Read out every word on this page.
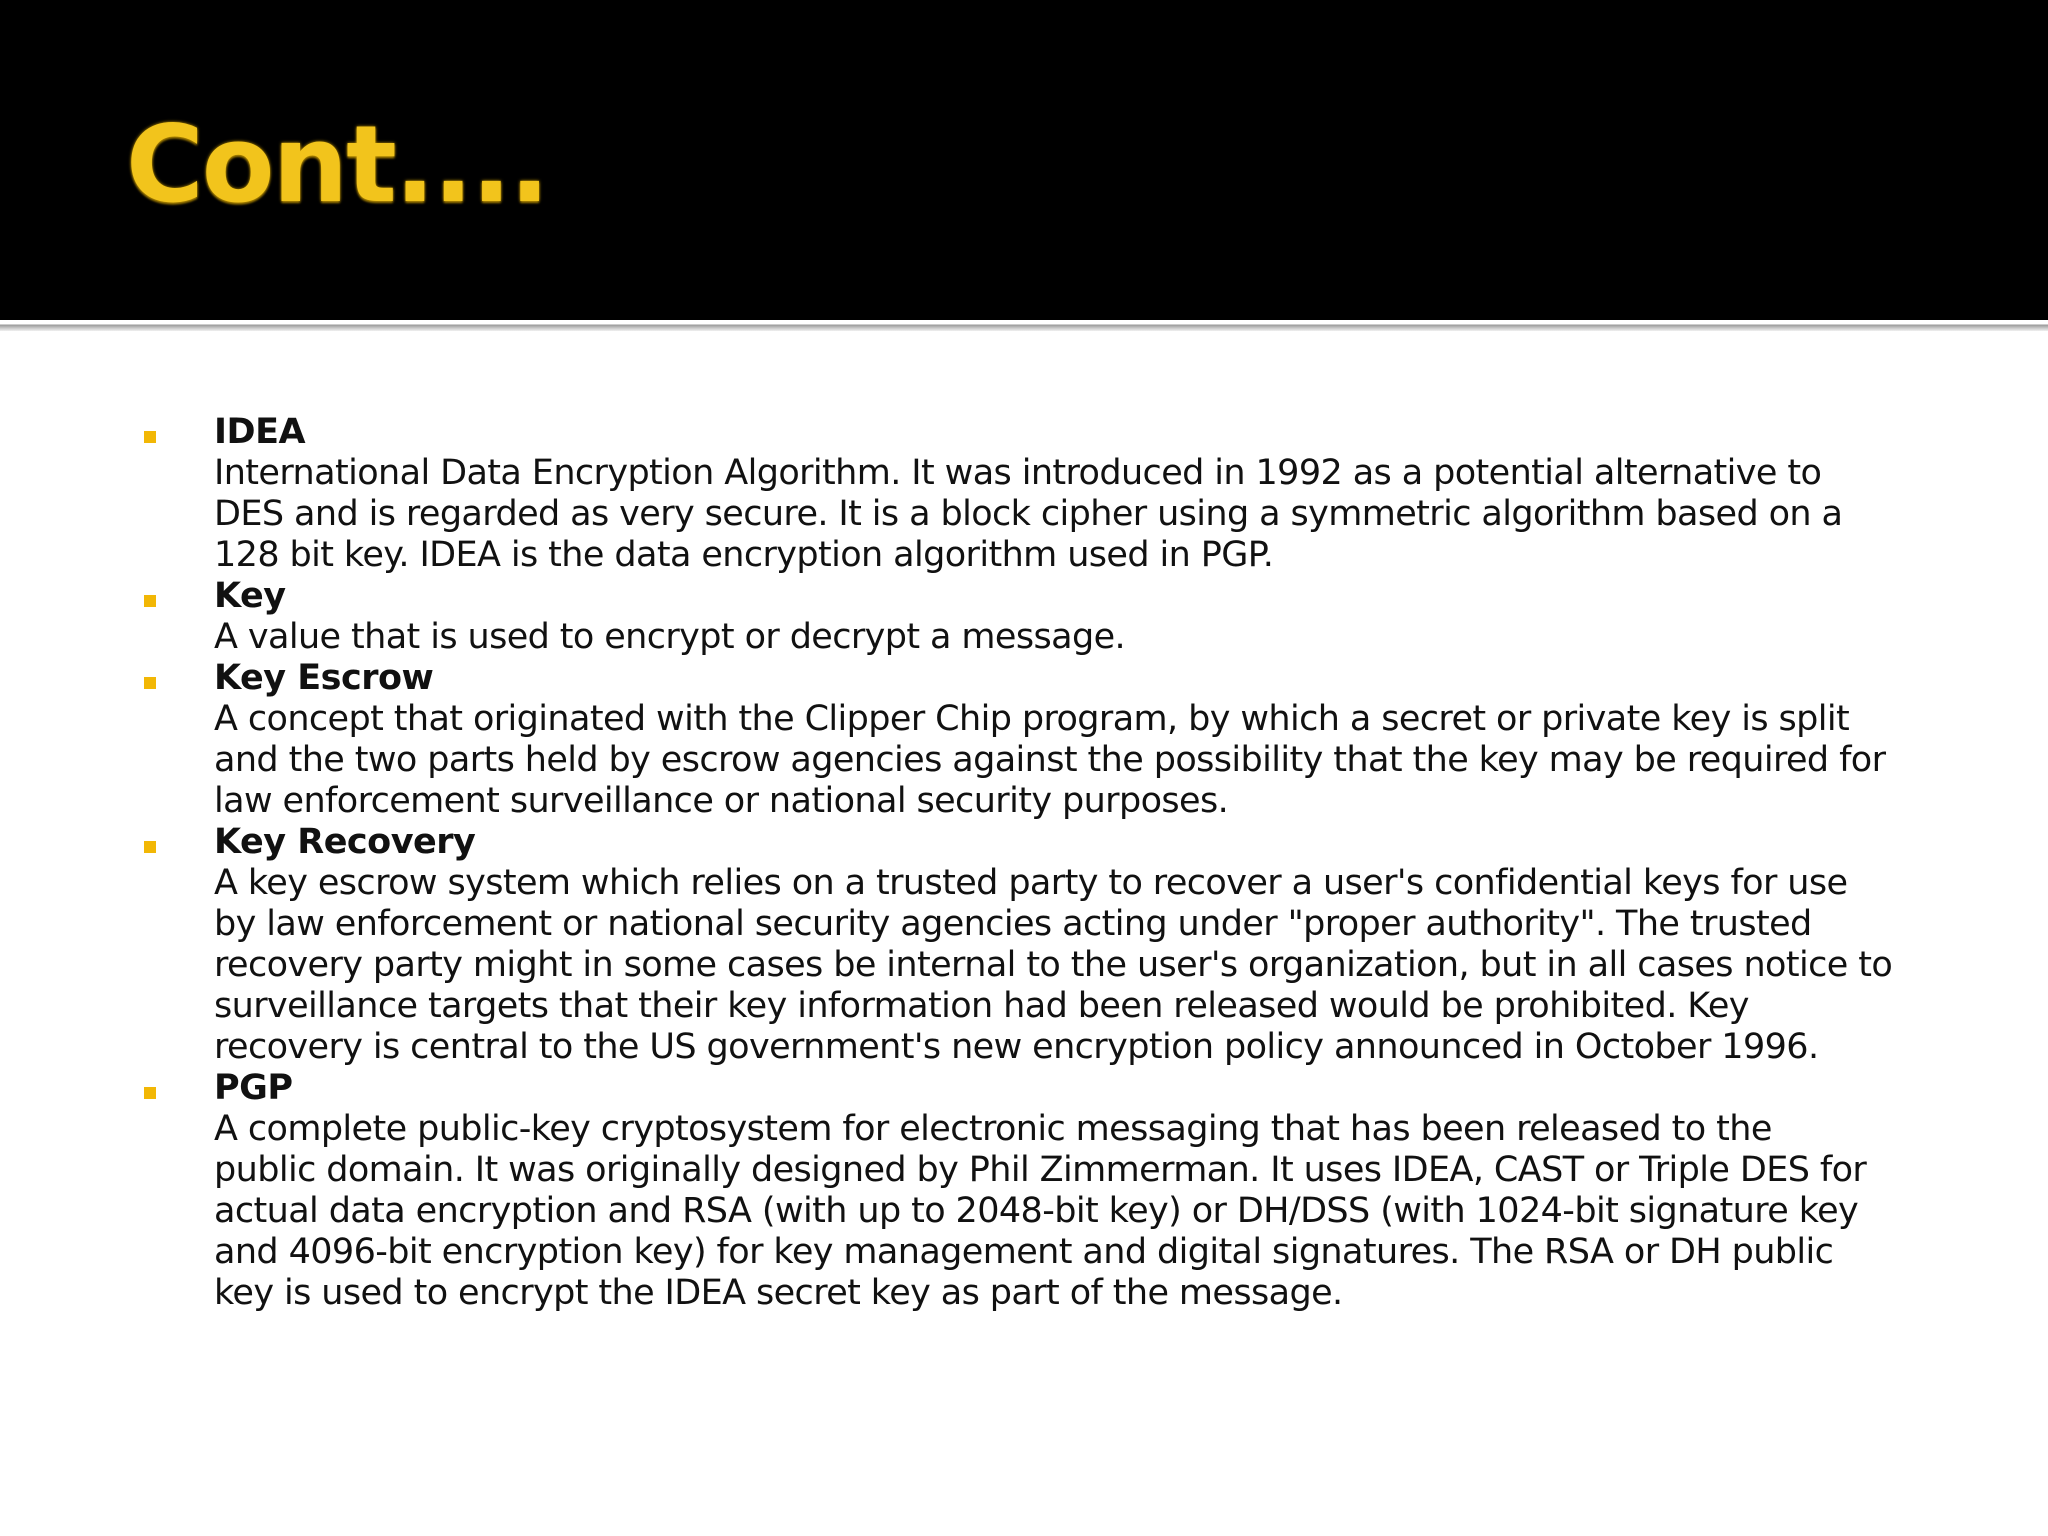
Cont....
IDEA
International Data Encryption Algorithm. It was introduced in 1992 as a potential alternative to
DES and is regarded as very secure. It is a block cipher using a symmetric algorithm based on a
128 bit key. IDEA is the data encryption algorithm used in PGP.
Key
A value that is used to encrypt or decrypt a message.
Key Escrow
A concept that originated with the Clipper Chip program, by which a secret or private key is split
and the two parts held by escrow agencies against the possibility that the key may be required for
law enforcement surveillance or national security purposes.
Key Recovery
A key escrow system which relies on a trusted party to recover a user's confidential keys for use
by law enforcement or national security agencies acting under "proper authority". The trusted
recovery party might in some cases be internal to the user's organization, but in all cases notice to
surveillance targets that their key information had been released would be prohibited. Key
recovery is central to the US government's new encryption policy announced in October 1996.
PGP
A complete public-key cryptosystem for electronic messaging that has been released to the
public domain. It was originally designed by Phil Zimmerman. It uses IDEA, CAST or Triple DES for
actual data encryption and RSA (with up to 2048-bit key) or DH/DSS (with 1024-bit signature key
and 4096-bit encryption key) for key management and digital signatures. The RSA or DH public
key is used to encrypt the IDEA secret key as part of the message.
